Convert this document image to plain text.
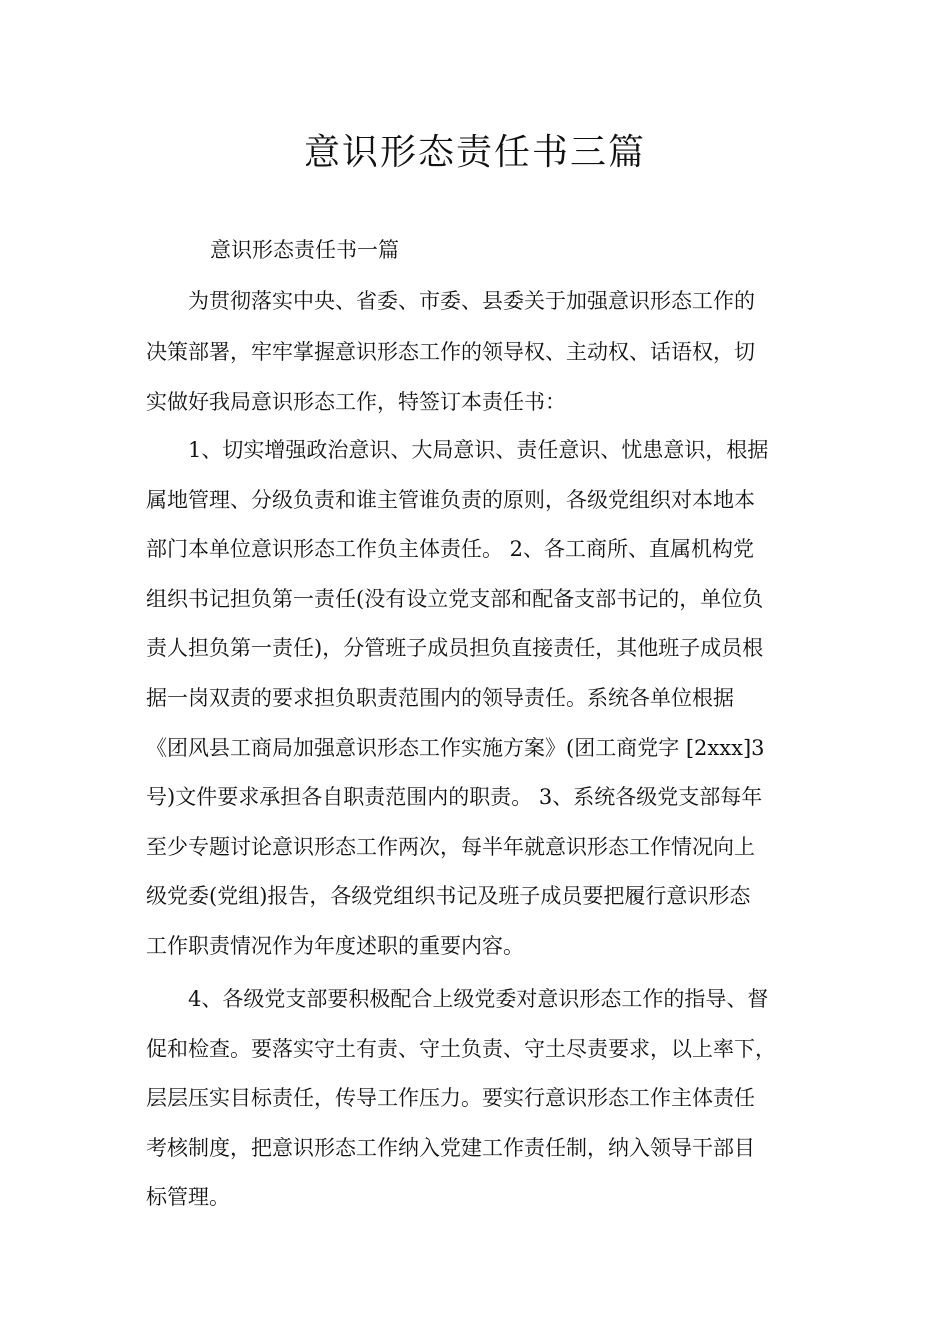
意识形态责任书三篇
意识形态责任书一篇
为贯彻落实中央、省委、市委、县委关于加强意识形态工作的
决策部署，牢牢掌握意识形态工作的领导权、主动权、话语权，切
实做好我局意识形态工作，特签订本责任书：
1、切实增强政治意识、大局意识、责任意识、忧患意识，根据
属地管理、分级负责和谁主管谁负责的原则，各级党组织对本地本
部门本单位意识形态工作负主体责任。 2、各工商所、直属机构党
组织书记担负第一责任(没有设立党支部和配备支部书记的，单位负
责人担负第一责任)，分管班子成员担负直接责任，其他班子成员根
据一岗双责的要求担负职责范围内的领导责任。系统各单位根据
《团风县工商局加强意识形态工作实施方案》(团工商党字 [2xxx]3
号)文件要求承担各自职责范围内的职责。 3、系统各级党支部每年
至少专题讨论意识形态工作两次，每半年就意识形态工作情况向上
级党委(党组)报告，各级党组织书记及班子成员要把履行意识形态
工作职责情况作为年度述职的重要内容。
4、各级党支部要积极配合上级党委对意识形态工作的指导、督
促和检查。要落实守土有责、守土负责、守土尽责要求，以上率下，
层层压实目标责任，传导工作压力。要实行意识形态工作主体责任
考核制度，把意识形态工作纳入党建工作责任制，纳入领导干部目
标管理。
